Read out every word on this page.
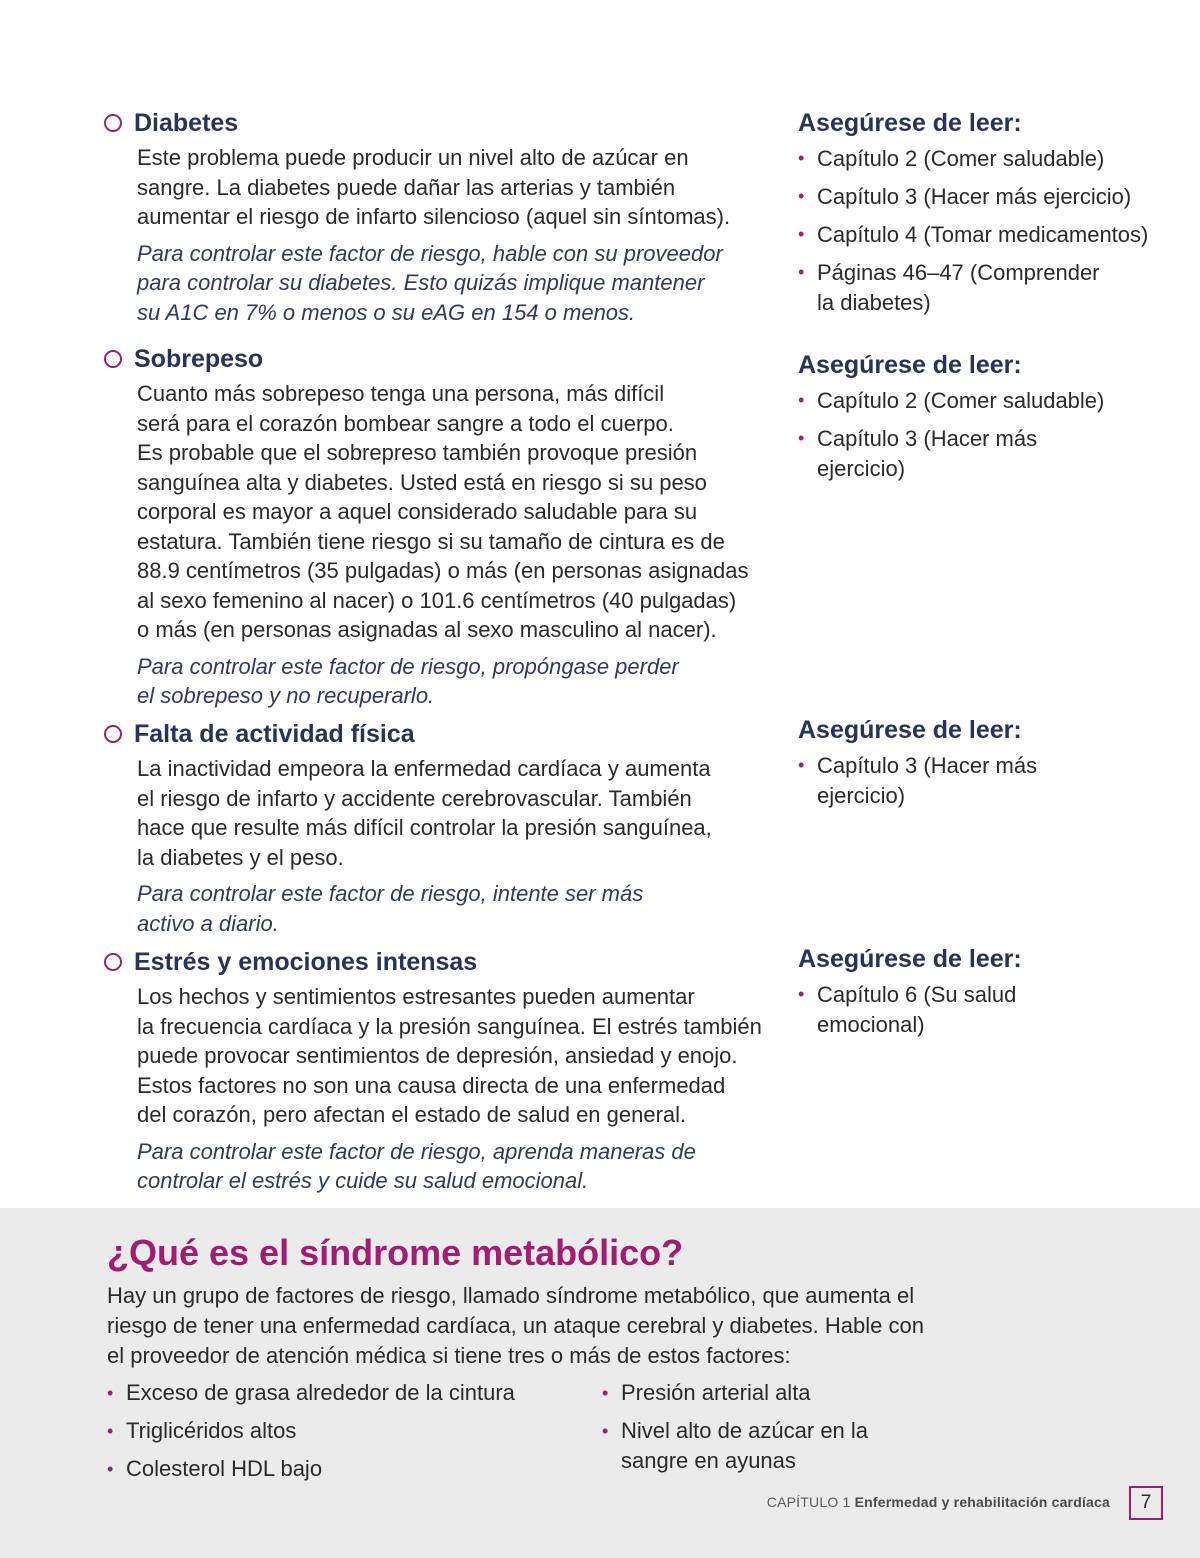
Diabetes
Este problema puede producir un nivel alto de azúcar en
sangre. La diabetes puede dañar las arterias y también
aumentar el riesgo de infarto silencioso (aquel sin síntomas).
Para controlar este factor de riesgo, hable con su proveedor
para controlar su diabetes. Esto quizás implique mantener
su A1C en 7% o menos o su eAG en 154 o menos.
Asegúrese de leer:
• Capítulo 2 (Comer saludable)
• Capítulo 3 (Hacer más ejercicio)
• Capítulo 4 (Tomar medicamentos)
• Páginas 46–47 (Comprender
la diabetes)
Sobrepeso
Cuanto más sobrepeso tenga una persona, más difícil
será para el corazón bombear sangre a todo el cuerpo.
Es probable que el sobrepreso también provoque presión
sanguínea alta y diabetes. Usted está en riesgo si su peso
corporal es mayor a aquel considerado saludable para su
estatura. También tiene riesgo si su tamaño de cintura es de
88.9 centímetros (35 pulgadas) o más (en personas asignadas
al sexo femenino al nacer) o 101.6 centímetros (40 pulgadas)
o más (en personas asignadas al sexo masculino al nacer).
Para controlar este factor de riesgo, propóngase perder
el sobrepeso y no recuperarlo.
Asegúrese de leer:
• Capítulo 2 (Comer saludable)
• Capítulo 3 (Hacer más
ejercicio)
Falta de actividad física
La inactividad empeora la enfermedad cardíaca y aumenta
el riesgo de infarto y accidente cerebrovascular. También
hace que resulte más difícil controlar la presión sanguínea,
la diabetes y el peso.
Para controlar este factor de riesgo, intente ser más
activo a diario.
Asegúrese de leer:
• Capítulo 3 (Hacer más
ejercicio)
Estrés y emociones intensas
Los hechos y sentimientos estresantes pueden aumentar
la frecuencia cardíaca y la presión sanguínea. El estrés también
puede provocar sentimientos de depresión, ansiedad y enojo.
Estos factores no son una causa directa de una enfermedad
del corazón, pero afectan el estado de salud en general.
Para controlar este factor de riesgo, aprenda maneras de
controlar el estrés y cuide su salud emocional.
Asegúrese de leer:
• Capítulo 6 (Su salud
emocional)
¿Qué es el síndrome metabólico?
Hay un grupo de factores de riesgo, llamado síndrome metabólico, que aumenta el
riesgo de tener una enfermedad cardíaca, un ataque cerebral y diabetes. Hable con
el proveedor de atención médica si tiene tres o más de estos factores:
• Exceso de grasa alrededor de la cintura
• Triglicéridos altos
• Colesterol HDL bajo
• Presión arterial alta
• Nivel alto de azúcar en la
sangre en ayunas
CAPÍTULO 1 Enfermedad y rehabilitación cardíaca	7
